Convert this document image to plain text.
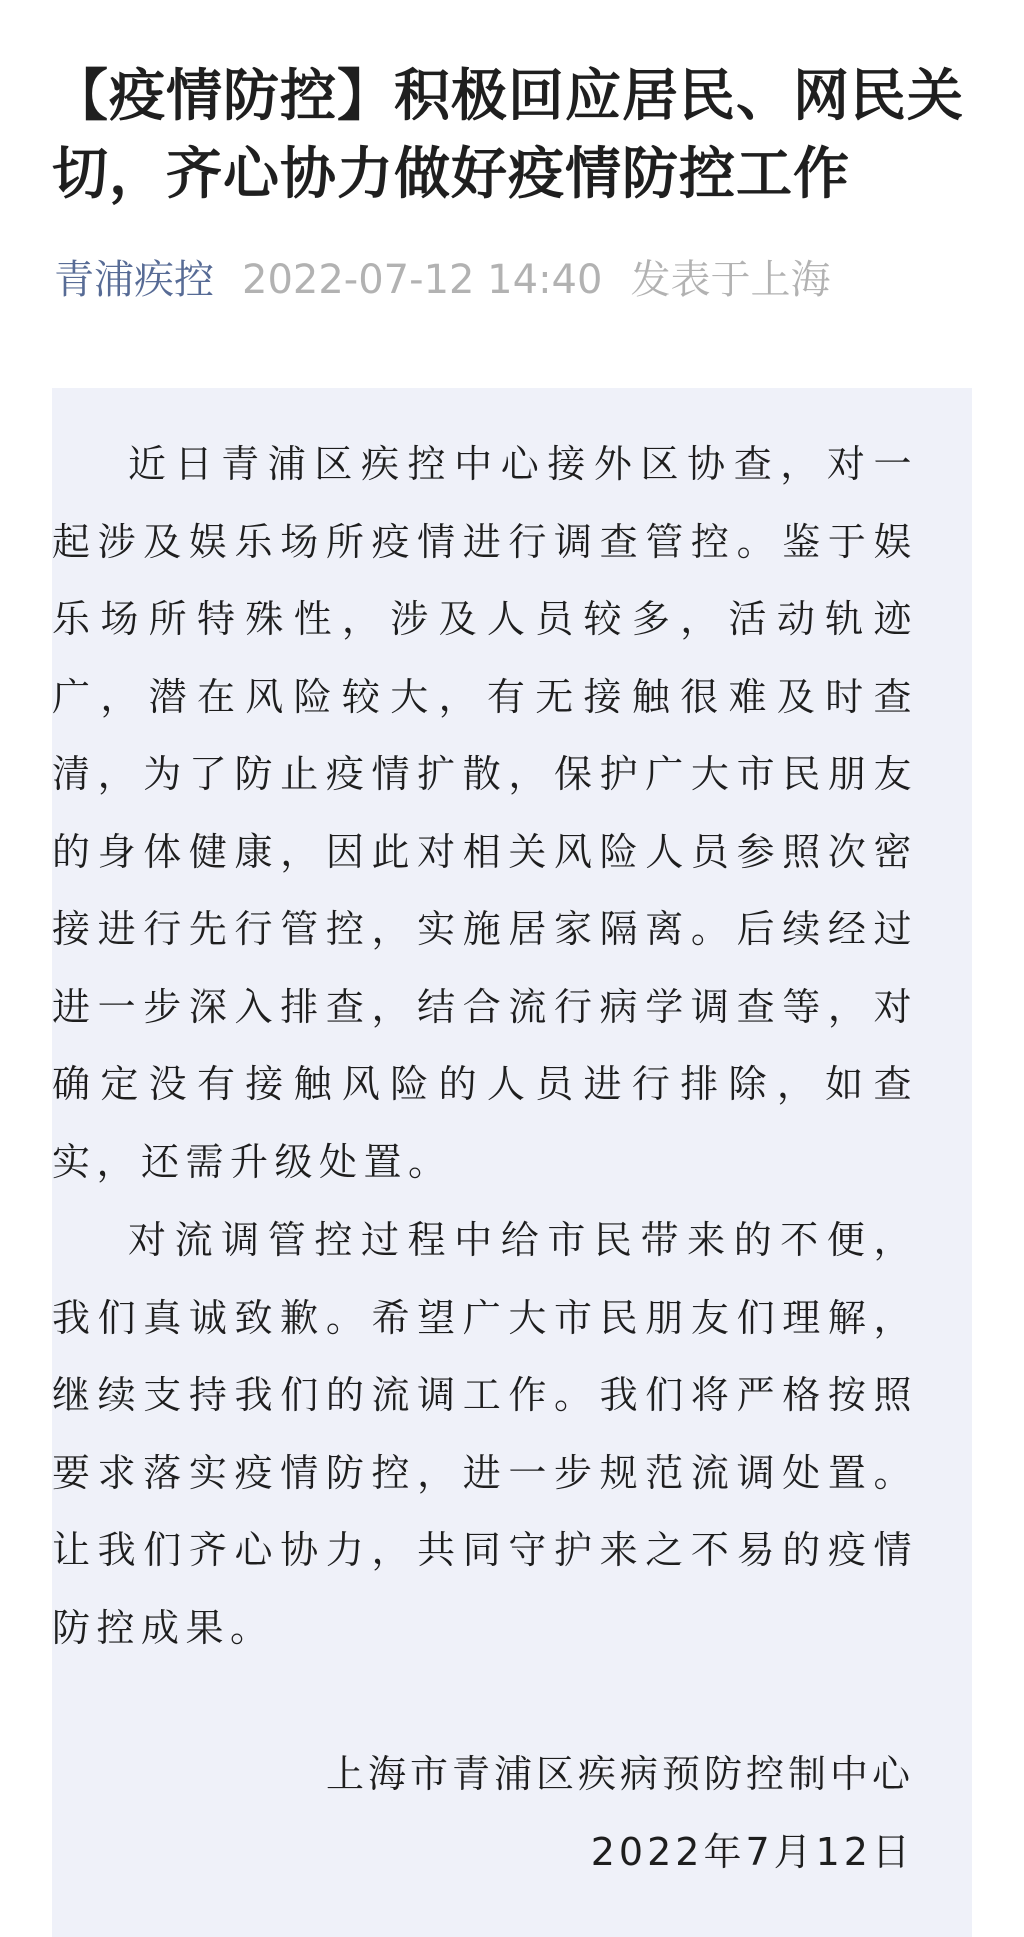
【疫情防控】积极回应居民、网民关切，齐心协力做好疫情防控工作
青浦疾控 2022-07-12 14:40 发表于上海

近日青浦区疾控中心接外区协查，对一起涉及娱乐场所疫情进行调查管控。鉴于娱乐场所特殊性，涉及人员较多，活动轨迹广，潜在风险较大，有无接触很难及时查清，为了防止疫情扩散，保护广大市民朋友的身体健康，因此对相关风险人员参照次密接进行先行管控，实施居家隔离。后续经过进一步深入排查，结合流行病学调查等，对确定没有接触风险的人员进行排除，如查实，还需升级处置。

对流调管控过程中给市民带来的不便，我们真诚致歉。希望广大市民朋友们理解，继续支持我们的流调工作。我们将严格按照要求落实疫情防控，进一步规范流调处置。让我们齐心协力，共同守护来之不易的疫情防控成果。

上海市青浦区疾病预防控制中心
2022年7月12日
